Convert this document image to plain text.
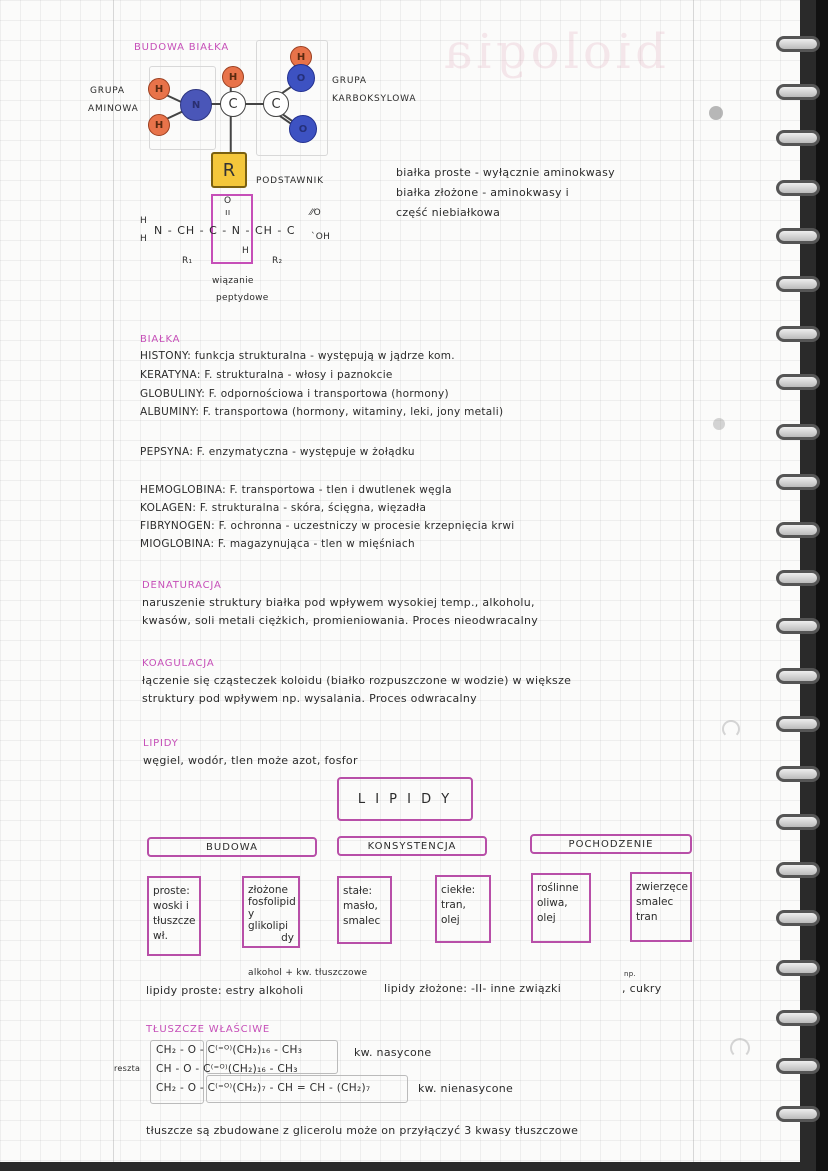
biologia
BUDOWA BIAŁKA
GRUPA
AMINOWA
GRUPA
KARBOKSYLOWA
H
H
N
H
C	C
H
O
O
R
PODSTAWNIK
H
H
N - CH - C - N - CH - C
O
ıı
H
R₁	R₂
⁄⁄O
ˋOH
wiązanie
peptydowe
białka proste - wyłącznie aminokwasy
białka złożone - aminokwasy i
część niebiałkowa
BIAŁKA
HISTONY: funkcja strukturalna - występują w jądrze kom.
KERATYNA: F. strukturalna - włosy i paznokcie
GLOBULINY: F. odpornościowa i transportowa (hormony)
ALBUMINY: F. transportowa (hormony, witaminy, leki, jony metali)
PEPSYNA: F. enzymatyczna - występuje w żołądku
HEMOGLOBINA: F. transportowa - tlen i dwutlenek węgla
KOLAGEN: F. strukturalna - skóra, ścięgna, więzadła
FIBRYNOGEN: F. ochronna - uczestniczy w procesie krzepnięcia krwi
MIOGLOBINA: F. magazynująca - tlen w mięśniach
DENATURACJA
naruszenie struktury białka pod wpływem wysokiej temp., alkoholu,
kwasów, soli metali ciężkich, promieniowania. Proces nieodwracalny
KOAGULACJA
łączenie się cząsteczek koloidu (białko rozpuszczone w wodzie) w większe
struktury pod wpływem np. wysalania. Proces odwracalny
LIPIDY
węgiel, wodór, tlen może azot, fosfor
L I P I D Y
BUDOWA	KONSYSTENCJA	POCHODZENIE
proste:
woski i
tłuszcze
wł.
złożone
fosfolipid
y
glikolipi
dy
stałe:
masło,
smalec
ciekłe:
tran,
olej
roślinne
oliwa,
olej
zwierzęce
smalec
tran
alkohol + kw. tłuszczowe
lipidy proste: estry alkoholi	lipidy złożone: -II- inne związki
np.
, cukry
TŁUSZCZE WŁAŚCIWE
reszta
CH₂ - O - C⁽⁼ᴼ⁾(CH₂)₁₆ - CH₃	kw. nasycone
CH - O - C⁽⁼ᴼ⁾(CH₂)₁₆ - CH₃
CH₂ - O - C⁽⁼ᴼ⁾(CH₂)₇ - CH = CH - (CH₂)₇	kw. nienasycone
tłuszcze są zbudowane z glicerolu może on przyłączyć 3 kwasy tłuszczowe
